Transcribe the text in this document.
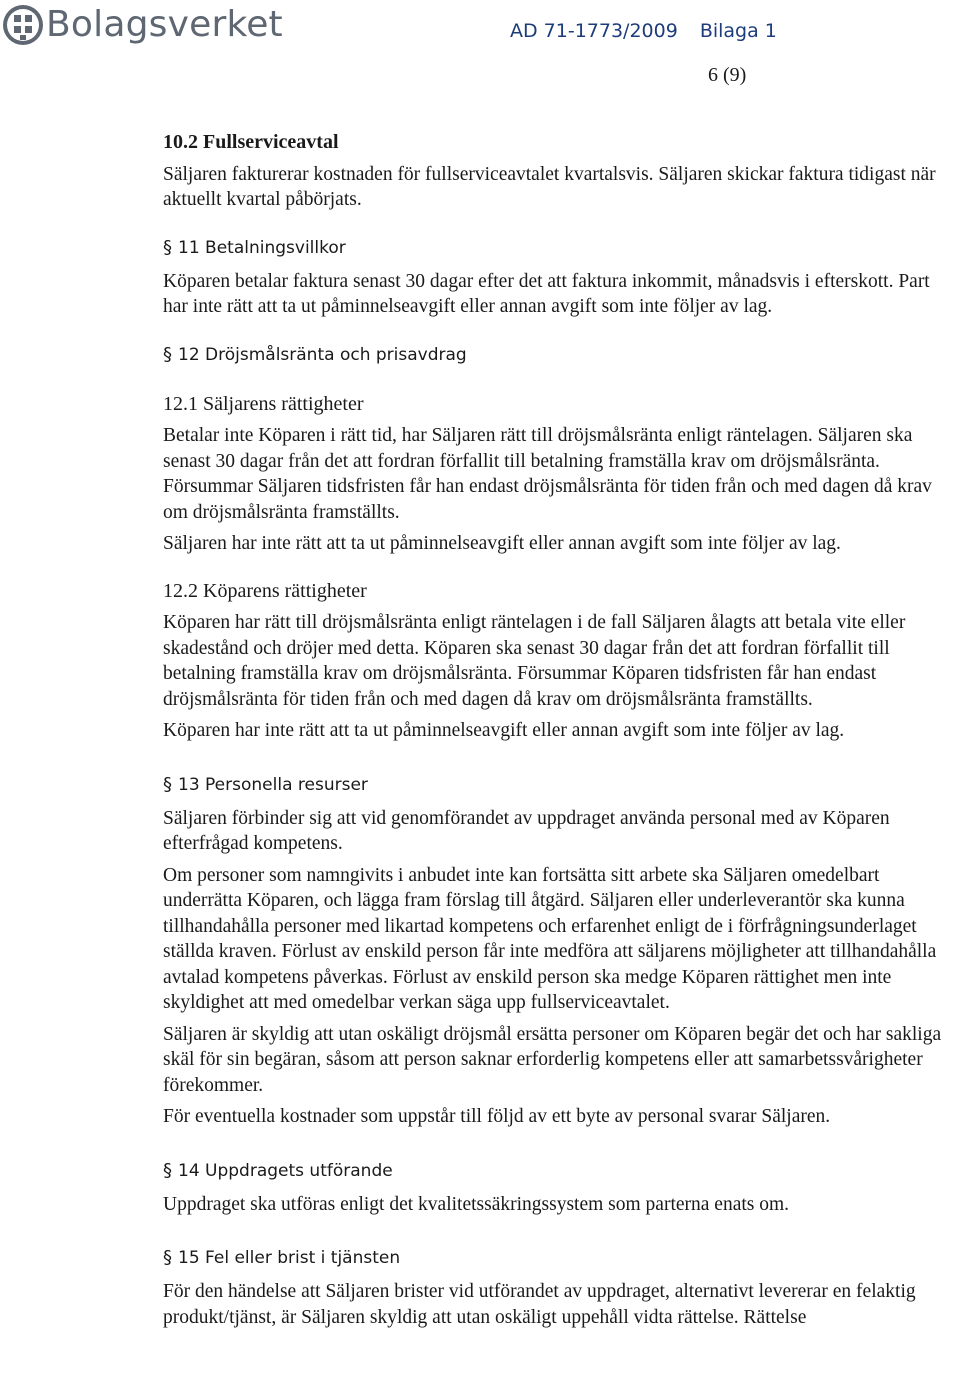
Bolagsverket	AD 71-1773/2009 Bilaga 1
6 (9)

10.2 Fullserviceavtal

Säljaren fakturerar kostnaden för fullserviceavtalet kvartalsvis. Säljaren skickar faktura tidigast när aktuellt kvartal påbörjats.

§ 11 Betalningsvillkor

Köparen betalar faktura senast 30 dagar efter det att faktura inkommit, månadsvis i efterskott. Part har inte rätt att ta ut påminnelseavgift eller annan avgift som inte följer av lag.

§ 12 Dröjsmålsränta och prisavdrag

12.1 Säljarens rättigheter

Betalar inte Köparen i rätt tid, har Säljaren rätt till dröjsmålsränta enligt räntelagen. Säljaren ska senast 30 dagar från det att fordran förfallit till betalning framställa krav om dröjsmålsränta. Försummar Säljaren tidsfristen får han endast dröjsmålsränta för tiden från och med dagen då krav om dröjsmålsränta framställts.

Säljaren har inte rätt att ta ut påminnelseavgift eller annan avgift som inte följer av lag.

12.2 Köparens rättigheter

Köparen har rätt till dröjsmålsränta enligt räntelagen i de fall Säljaren ålagts att betala vite eller skadestånd och dröjer med detta. Köparen ska senast 30 dagar från det att fordran förfallit till betalning framställa krav om dröjsmålsränta. Försummar Köparen tidsfristen får han endast dröjsmålsränta för tiden från och med dagen då krav om dröjsmålsränta framställts.

Köparen har inte rätt att ta ut påminnelseavgift eller annan avgift som inte följer av lag.

§ 13 Personella resurser

Säljaren förbinder sig att vid genomförandet av uppdraget använda personal med av Köparen efterfrågad kompetens.

Om personer som namngivits i anbudet inte kan fortsätta sitt arbete ska Säljaren omedelbart underrätta Köparen, och lägga fram förslag till åtgärd. Säljaren eller underleverantör ska kunna tillhandahålla personer med likartad kompetens och erfarenhet enligt de i förfrågningsunderlaget ställda kraven. Förlust av enskild person får inte medföra att säljarens möjligheter att tillhandahålla avtalad kompetens påverkas. Förlust av enskild person ska medge Köparen rättighet men inte skyldighet att med omedelbar verkan säga upp fullserviceavtalet.

Säljaren är skyldig att utan oskäligt dröjsmål ersätta personer om Köparen begär det och har sakliga skäl för sin begäran, såsom att person saknar erforderlig kompetens eller att samarbetssvårigheter förekommer.

För eventuella kostnader som uppstår till följd av ett byte av personal svarar Säljaren.

§ 14 Uppdragets utförande

Uppdraget ska utföras enligt det kvalitetssäkringssystem som parterna enats om.

§ 15 Fel eller brist i tjänsten

För den händelse att Säljaren brister vid utförandet av uppdraget, alternativt levererar en felaktig produkt/tjänst, är Säljaren skyldig att utan oskäligt uppehåll vidta rättelse. Rättelse
